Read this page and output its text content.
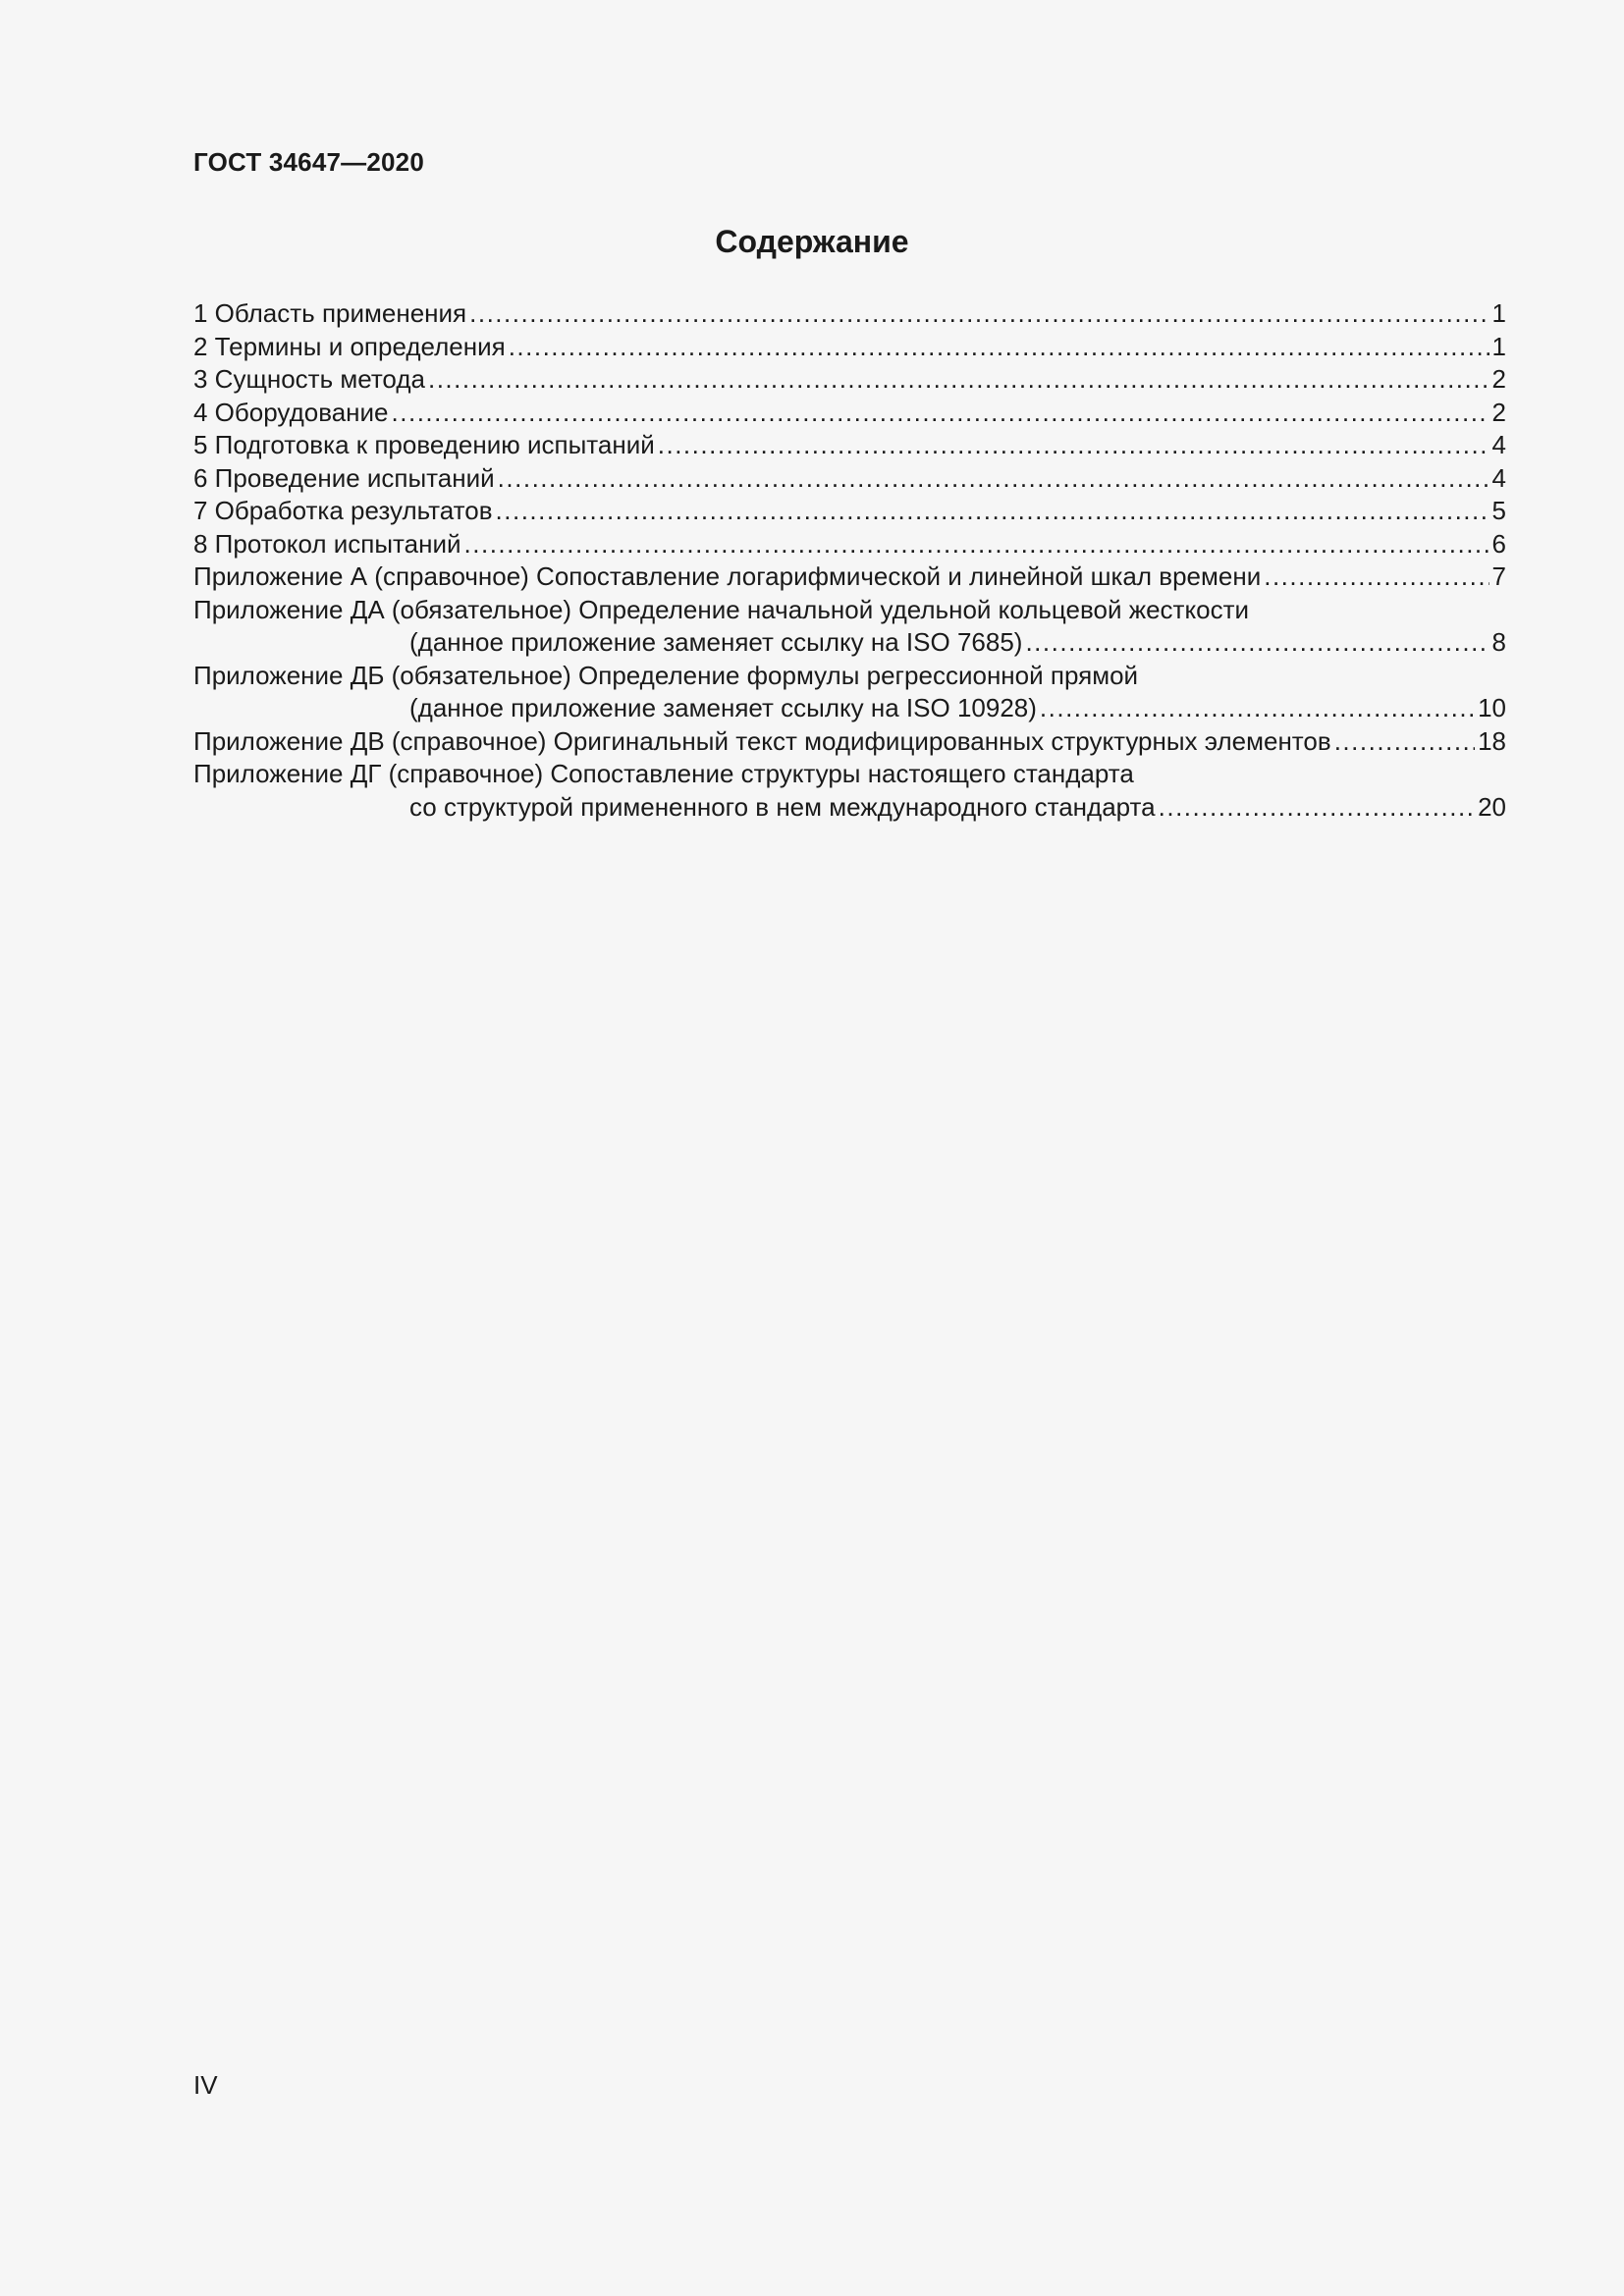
ГОСТ 34647—2020
Содержание
1 Область применения .....	1
2 Термины и определения .....	1
3 Сущность метода .....	2
4 Оборудование .....	2
5 Подготовка к проведению испытаний .....	4
6 Проведение испытаний .....	4
7 Обработка результатов .....	5
8 Протокол испытаний .....	6
Приложение А (справочное) Сопоставление логарифмической и линейной шкал времени .....	7
Приложение ДА (обязательное) Определение начальной удельной кольцевой жесткости
(данное приложение заменяет ссылку на ISO 7685) .....	8
Приложение ДБ (обязательное) Определение формулы регрессионной прямой
(данное приложение заменяет ссылку на ISO 10928) .....	10
Приложение ДВ (справочное) Оригинальный текст модифицированных структурных элементов .....	18
Приложение ДГ (справочное) Сопоставление структуры настоящего стандарта
со структурой примененного в нем международного стандарта .....	20
IV
